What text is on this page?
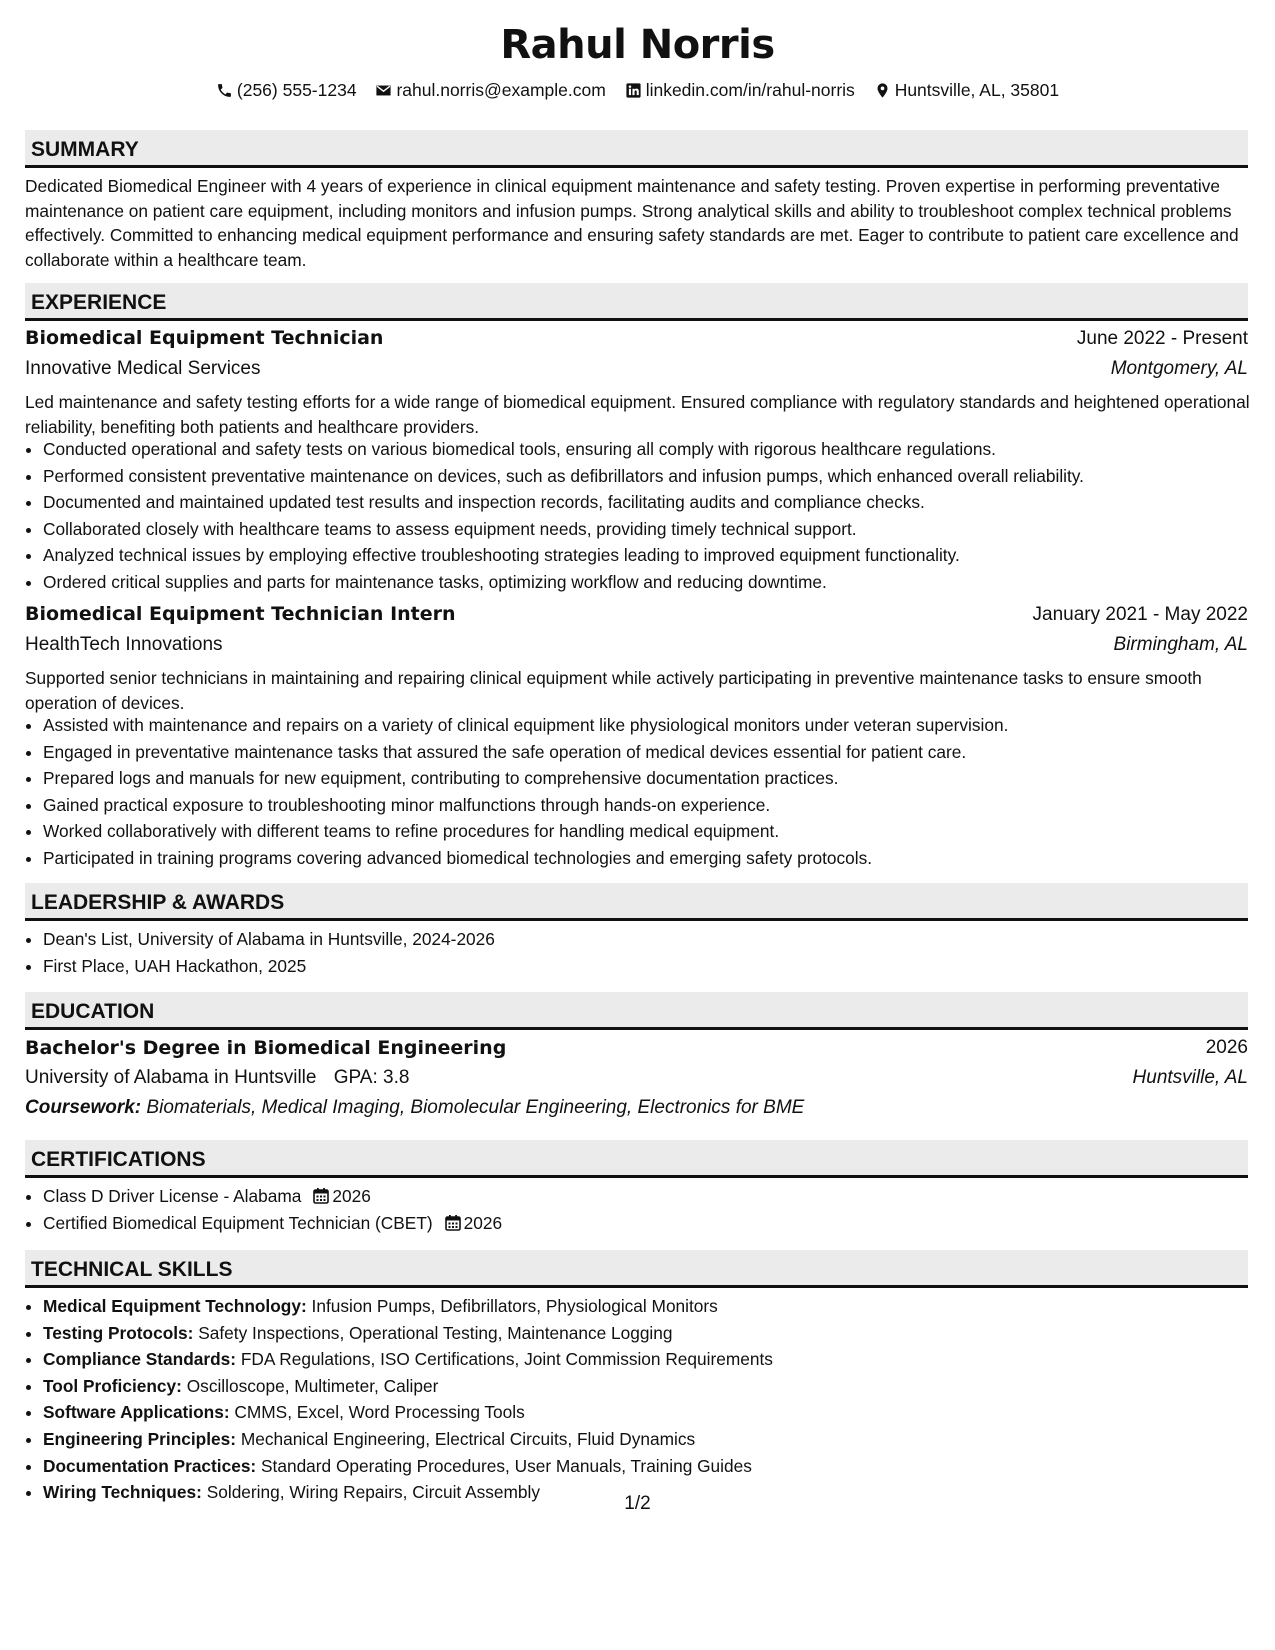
Rahul Norris
(256) 555-1234
rahul.norris@example.com
linkedin.com/in/rahul-norris
Huntsville, AL, 35801
SUMMARY
Dedicated Biomedical Engineer with 4 years of experience in clinical equipment maintenance and safety testing. Proven expertise in performing preventative maintenance on patient care equipment, including monitors and infusion pumps. Strong analytical skills and ability to troubleshoot complex technical problems effectively. Committed to enhancing medical equipment performance and ensuring safety standards are met. Eager to contribute to patient care excellence and collaborate within a healthcare team.
EXPERIENCE
Biomedical Equipment Technician	June 2022 - Present
Innovative Medical Services	Montgomery, AL
Led maintenance and safety testing efforts for a wide range of biomedical equipment. Ensured compliance with regulatory standards and heightened operational reliability, benefiting both patients and healthcare providers.
• Conducted operational and safety tests on various biomedical tools, ensuring all comply with rigorous healthcare regulations.
• Performed consistent preventative maintenance on devices, such as defibrillators and infusion pumps, which enhanced overall reliability.
• Documented and maintained updated test results and inspection records, facilitating audits and compliance checks.
• Collaborated closely with healthcare teams to assess equipment needs, providing timely technical support.
• Analyzed technical issues by employing effective troubleshooting strategies leading to improved equipment functionality.
• Ordered critical supplies and parts for maintenance tasks, optimizing workflow and reducing downtime.
Biomedical Equipment Technician Intern	January 2021 - May 2022
HealthTech Innovations	Birmingham, AL
Supported senior technicians in maintaining and repairing clinical equipment while actively participating in preventive maintenance tasks to ensure smooth operation of devices.
• Assisted with maintenance and repairs on a variety of clinical equipment like physiological monitors under veteran supervision.
• Engaged in preventative maintenance tasks that assured the safe operation of medical devices essential for patient care.
• Prepared logs and manuals for new equipment, contributing to comprehensive documentation practices.
• Gained practical exposure to troubleshooting minor malfunctions through hands-on experience.
• Worked collaboratively with different teams to refine procedures for handling medical equipment.
• Participated in training programs covering advanced biomedical technologies and emerging safety protocols.
LEADERSHIP & AWARDS
• Dean's List, University of Alabama in Huntsville, 2024-2026
• First Place, UAH Hackathon, 2025
EDUCATION
Bachelor's Degree in Biomedical Engineering	2026
University of Alabama in Huntsville GPA: 3.8	Huntsville, AL
Coursework: Biomaterials, Medical Imaging, Biomolecular Engineering, Electronics for BME
CERTIFICATIONS
• Class D Driver License - Alabama 2026
• Certified Biomedical Equipment Technician (CBET) 2026
TECHNICAL SKILLS
• Medical Equipment Technology: Infusion Pumps, Defibrillators, Physiological Monitors
• Testing Protocols: Safety Inspections, Operational Testing, Maintenance Logging
• Compliance Standards: FDA Regulations, ISO Certifications, Joint Commission Requirements
• Tool Proficiency: Oscilloscope, Multimeter, Caliper
• Software Applications: CMMS, Excel, Word Processing Tools
• Engineering Principles: Mechanical Engineering, Electrical Circuits, Fluid Dynamics
• Documentation Practices: Standard Operating Procedures, User Manuals, Training Guides
• Wiring Techniques: Soldering, Wiring Repairs, Circuit Assembly
1/2
